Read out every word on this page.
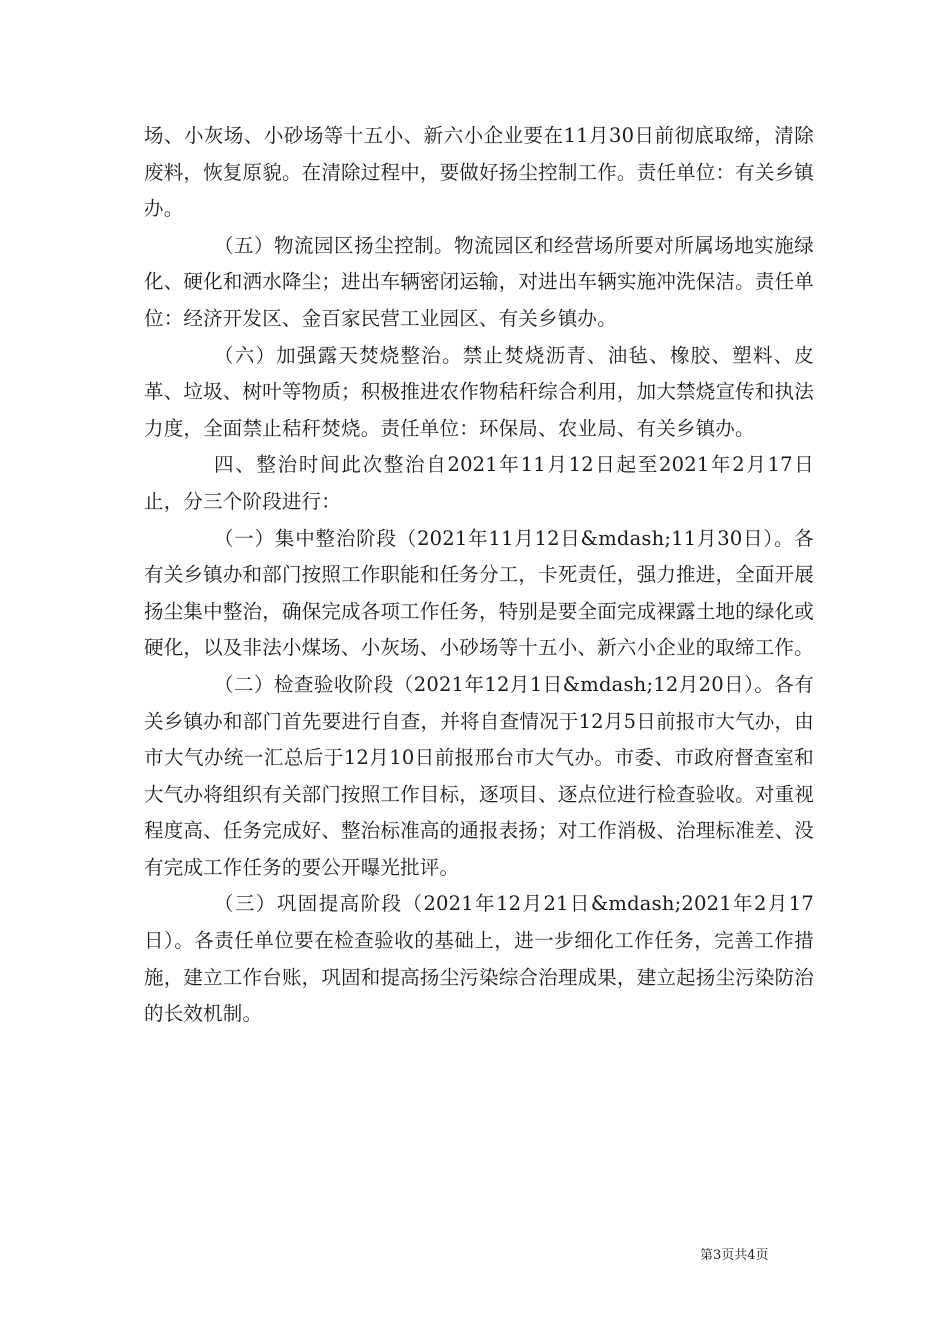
场、小灰场、小砂场等十五小、新六小企业要在11月30日前彻底取缔，清除废料，恢复原貌。在清除过程中，要做好扬尘控制工作。责任单位：有关乡镇办。

（五）物流园区扬尘控制。物流园区和经营场所要对所属场地实施绿化、硬化和洒水降尘；进出车辆密闭运输，对进出车辆实施冲洗保洁。责任单位：经济开发区、金百家民营工业园区、有关乡镇办。

（六）加强露天焚烧整治。禁止焚烧沥青、油毡、橡胶、塑料、皮革、垃圾、树叶等物质；积极推进农作物秸秆综合利用，加大禁烧宣传和执法力度，全面禁止秸秆焚烧。责任单位：环保局、农业局、有关乡镇办。

四、整治时间此次整治自2021年11月12日起至2021年2月17日止，分三个阶段进行：

（一）集中整治阶段（2021年11月12日&mdash;11月30日）。各有关乡镇办和部门按照工作职能和任务分工，卡死责任，强力推进，全面开展扬尘集中整治，确保完成各项工作任务，特别是要全面完成裸露土地的绿化或硬化，以及非法小煤场、小灰场、小砂场等十五小、新六小企业的取缔工作。

（二）检查验收阶段（2021年12月1日&mdash;12月20日）。各有关乡镇办和部门首先要进行自查，并将自查情况于12月5日前报市大气办，由市大气办统一汇总后于12月10日前报邢台市大气办。市委、市政府督查室和大气办将组织有关部门按照工作目标，逐项目、逐点位进行检查验收。对重视程度高、任务完成好、整治标准高的通报表扬；对工作消极、治理标准差、没有完成工作任务的要公开曝光批评。

（三）巩固提高阶段（2021年12月21日&mdash;2021年2月17日）。各责任单位要在检查验收的基础上，进一步细化工作任务，完善工作措施，建立工作台账，巩固和提高扬尘污染综合治理成果，建立起扬尘污染防治的长效机制。

第3页共4页
